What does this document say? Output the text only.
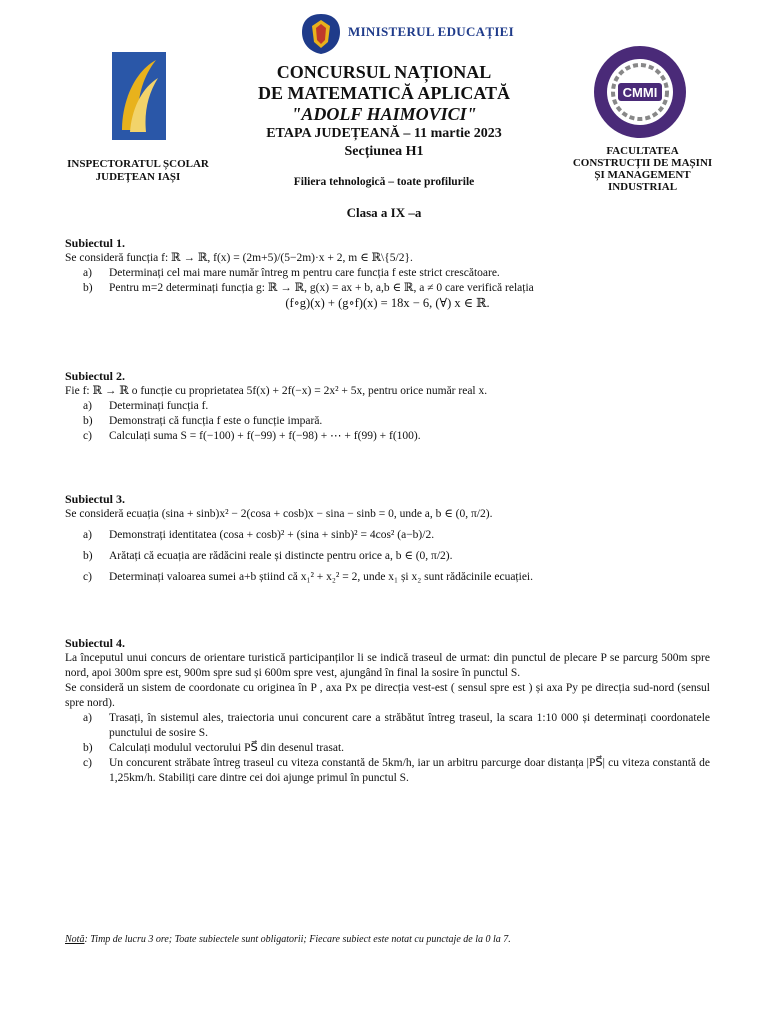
MINISTERUL EDUCAȚIEI
INSPECTORATUL ȘCOLAR
JUDEȚEAN IAȘI
CMMI
FACULTATEA
CONSTRUCȚII DE MAȘINI
ȘI MANAGEMENT INDUSTRIAL
CONCURSUL NAȚIONAL
DE MATEMATICĂ APLICATĂ
"ADOLF HAIMOVICI"
ETAPA JUDEȚEANĂ – 11 martie 2023
Secțiunea H1
Filiera tehnologică – toate profilurile
Clasa a IX –a
Subiectul 1.
Se consideră funcția f: ℝ → ℝ, f(x) = (2m+5)/(5−2m)·x + 2, m ∈ ℝ\{5/2}.
a)	Determinați cel mai mare număr întreg m pentru care funcția f este strict crescătoare.
b)	Pentru m=2 determinați funcția g: ℝ → ℝ, g(x) = ax + b, a,b ∈ ℝ, a ≠ 0 care verifică relația
(f∘g)(x) + (g∘f)(x) = 18x − 6, (∀) x ∈ ℝ.
Subiectul 2.
Fie f: ℝ → ℝ o funcție cu proprietatea 5f(x) + 2f(−x) = 2x² + 5x, pentru orice număr real x.
a)	Determinați funcția f.
b)	Demonstrați că funcția f este o funcție impară.
c)	Calculați suma S = f(−100) + f(−99) + f(−98) + ⋯ + f(99) + f(100).
Subiectul 3.
Se consideră ecuația (sina + sinb)x² − 2(cosa + cosb)x − sina − sinb = 0, unde a, b ∈ (0, π/2).
a)	Demonstrați identitatea (cosa + cosb)² + (sina + sinb)² = 4cos² (a−b)/2.
b)	Arătați că ecuația are rădăcini reale și distincte pentru orice a, b ∈ (0, π/2).
c)	Determinați valoarea sumei a+b știind că x₁² + x₂² = 2, unde x₁ și x₂ sunt rădăcinile ecuației.
Subiectul 4.
La începutul unui concurs de orientare turistică participanților li se indică traseul de urmat: din punctul de plecare P se parcurg 500m spre nord, apoi 300m spre est, 900m spre sud și 600m spre vest, ajungând în final la sosire în punctul S.
Se consideră un sistem de coordonate cu originea în P , axa Px pe direcția vest-est ( sensul spre est ) și axa Py pe direcția sud-nord (sensul spre nord).
a)	Trasați, în sistemul ales, traiectoria unui concurent care a străbătut întreg traseul, la scara 1:10 000 și determinați coordonatele punctului de sosire S.
b)	Calculați modulul vectorului PS⃗ din desenul trasat.
c)	Un concurent străbate întreg traseul cu viteza constantă de 5km/h, iar un arbitru parcurge doar distanța |PS⃗| cu viteza constantă de 1,25km/h. Stabiliți care dintre cei doi ajunge primul în punctul S.
Notă: Timp de lucru 3 ore; Toate subiectele sunt obligatorii; Fiecare subiect este notat cu punctaje de la 0 la 7.
